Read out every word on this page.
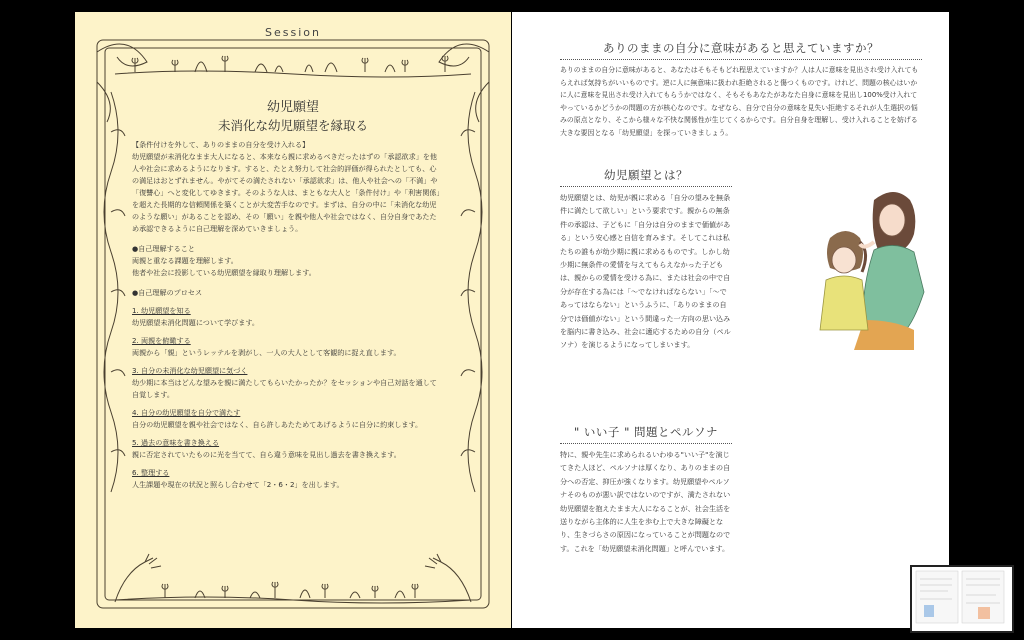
Session
幼児願望
未消化な幼児願望を縁取る

【条件付けを外して、ありのままの自分を受け入れる】

幼児願望が未消化なまま大人になると、本来なら親に求めるべきだったはずの「承認欲求」を他人や社会に求めるようになります。すると、たとえ努力して社会的評価が得られたとしても、心の満足はおとずれません。やがてその満たされない「承認欲求」は、他人や社会への「不満」や「復讐心」へと変化してゆきます。そのような人は、まともな大人と「条件付け」や「利害関係」を超えた長期的な信頼関係を築くことが大変苦手なのです。まずは、自分の中に「未消化な幼児のような願い」があることを認め、その「願い」を親や他人や社会ではなく、自分自身であたため承認できるように自己理解を深めていきましょう。

●自己理解すること

両親と重なる課題を理解します。

他者や社会に投影している幼児願望を縁取り理解します。

●自己理解のプロセス

1. 幼児願望を知る

幼児願望未消化問題について学びます。

2. 両親を俯瞰する

両親から「親」というレッテルを剥がし、一人の大人として客観的に捉え直します。

3. 自分の未消化な幼児願望に気づく

幼少期に本当はどんな望みを親に満たしてもらいたかったか？をセッションや自己対話を通して自覚します。

4. 自分の幼児願望を自分で満たす

自分の幼児願望を親や社会ではなく、自ら許しあたためてあげるように自分に約束します。

5. 過去の意味を書き換える

親に否定されていたものに光を当てて、自ら違う意味を見出し過去を書き換えます。

6. 整理する

人生課題や現在の状況と照らし合わせて「2・6・2」を出します。

ありのままの自分に意味があると思えていますか？
ありのままの自分に意味があると、あなたはそもそもどれ程思えていますか？人は人に意味を見出され受け入れてもらえれば気持ちがいいものです。逆に人に無意味に扱われ拒絶されると傷つくものです。けれど、問題の核心はいかに人に意味を見出され受け入れてもらうかではなく、そもそもあなたがあなた自身に意味を見出し100%受け入れてやっているかどうかの問題の方が核心なのです。なぜなら、自分で自分の意味を見失い拒絶するそれが人生選択の悩みの原点となり、そこから様々な不快な関係性が生じてくるからです。自分自身を理解し、受け入れることを妨げる大きな要因となる「幼児願望」を探っていきましょう。
幼児願望とは？
幼児願望とは、幼児が親に求める「自分の望みを無条件に満たして欲しい」という要求です。親からの無条件の承認は、子どもに「自分は自分のままで価値がある」という安心感と自信を育みます。そしてこれは私たちの誰もが幼少期に親に求めるものです。しかし幼少期に無条件の愛情を与えてもらえなかった子どもは、親からの愛情を受ける為に、または社会の中で自分が存在する為には「〜でなければならない」「〜であってはならない」というふうに、「ありのままの自分では価値がない」という間違った一方向の思い込みを脳内に書き込み、社会に適応するための自分（ペルソナ）を演じるようになってしまいます。
" いい子 " 問題とペルソナ
特に、親や先生に求められるいわゆる"いい子"を演じてきた人ほど、ペルソナは厚くなり、ありのままの自分への否定、抑圧が強くなります。幼児願望やペルソナそのものが悪い訳ではないのですが、満たされない幼児願望を抱えたまま大人になることが、社会生活を送りながら主体的に人生を歩む上で大きな障礙となり、生きづらさの原因になっていることが問題なのです。これを「幼児願望未消化問題」と呼んでいます。
